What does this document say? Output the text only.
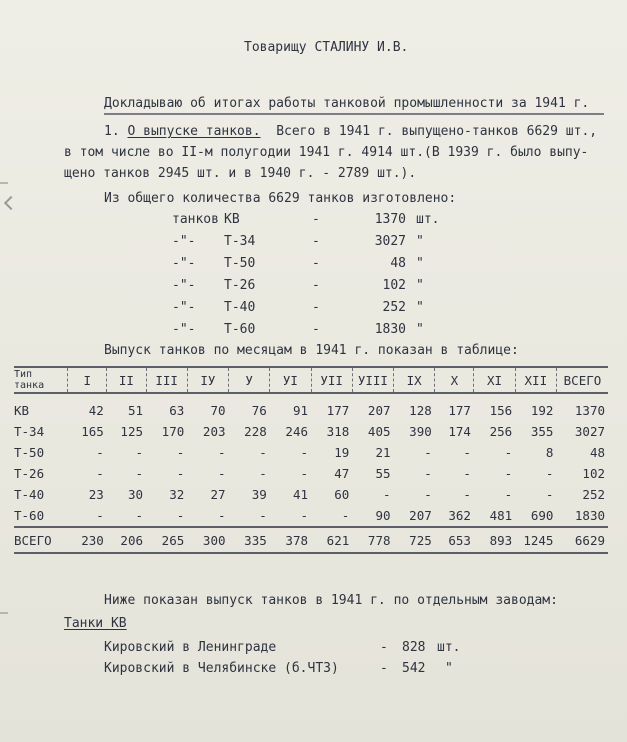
Товарищу СТАЛИНУ И.В.
Докладываю об итогах работы танковой промышленности за 1941 г.
1. О выпуске танков. Всего в 1941 г. выпущено-танков 6629 шт.,
в том числе во II-м полугодии 1941 г. 4914 шт.(В 1939 г. было выпу-
щено танков 2945 шт. и в 1940 г. - 2789 шт.).
Из общего количества 6629 танков изготовлено:
танков КВ	-	1370 шт.
-"-	Т-34	-	3027 "
-"-	Т-50	-	48 "
-"-	Т-26	-	102 "
-"-	Т-40	-	252 "
-"-	Т-60	-	1830 "
Выпуск танков по месяцам в 1941 г. показан в таблице:
Тип танка	I	II	III	IУ	У	УI	УII	УIII	IX	X	XI	XII	ВСЕГО
КВ	42	51	63	70	76	91	177	207	128	177	156	192	1370
Т-34	165	125	170	203	228	246	318	405	390	174	256	355	3027
Т-50	-	-	-	-	-	-	19	21	-	-	-	8	48
Т-26	-	-	-	-	-	-	47	55	-	-	-	-	102
Т-40	23	30	32	27	39	41	60	-	-	-	-	-	252
Т-60	-	-	-	-	-	-	-	90	207	362	481	690	1830
ВСЕГО	230	206	265	300	335	378	621	778	725	653	893	1245	6629
Ниже показан выпуск танков в 1941 г. по отдельным заводам:
Танки КВ
Кировский в Ленинграде	- 828 шт.
Кировский в Челябинске (б.ЧТЗ)	- 542 "
